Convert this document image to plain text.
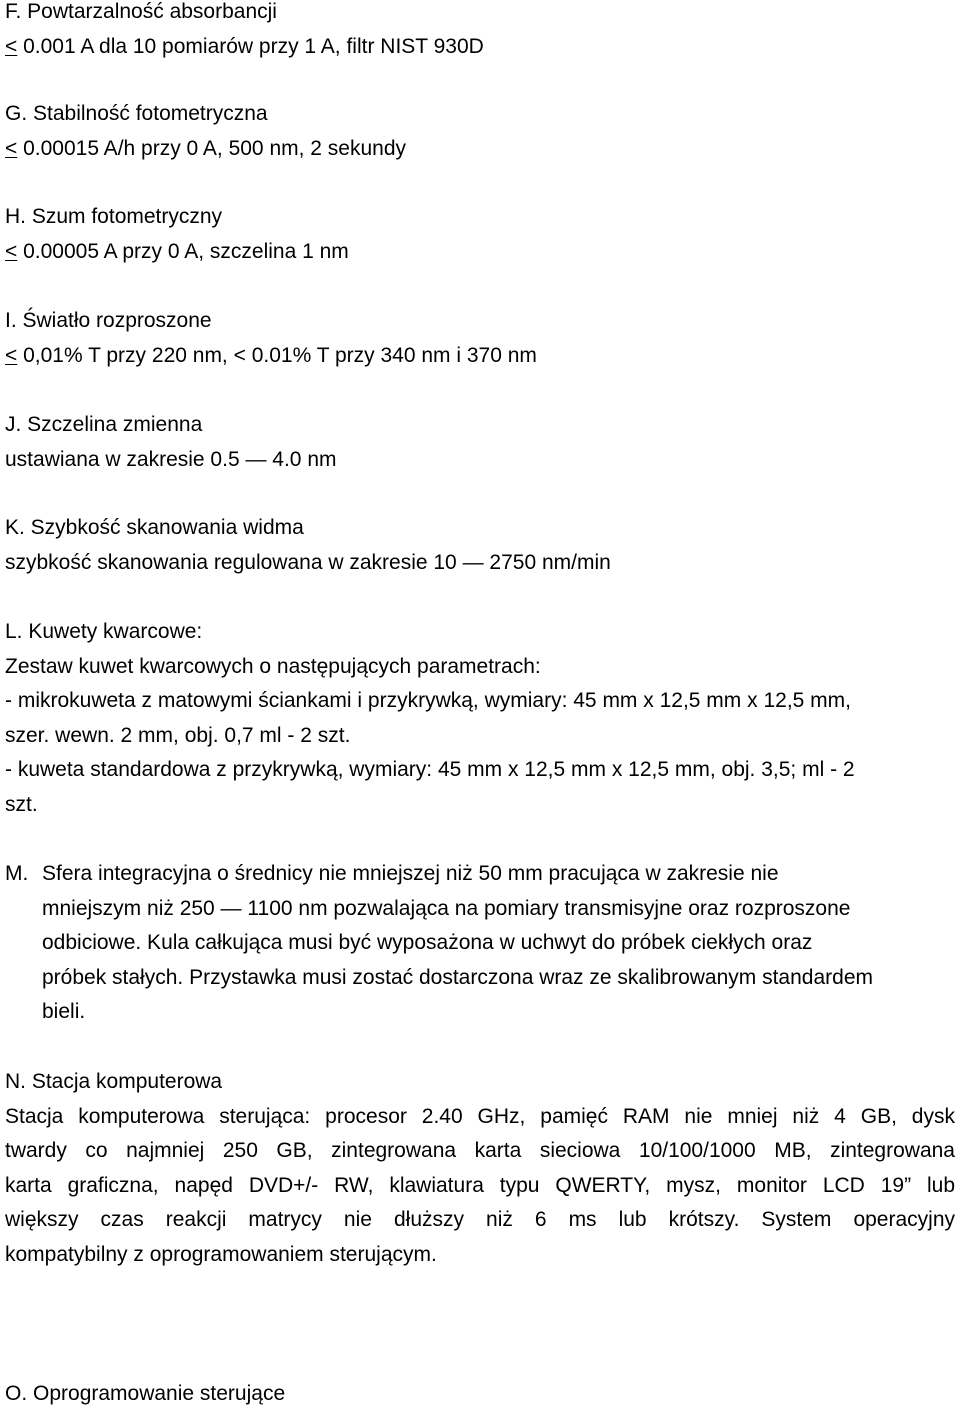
F. Powtarzalność absorbancji
≤ 0.001 A dla 10 pomiarów przy 1 A, filtr NIST 930D
G. Stabilność fotometryczna
≤ 0.00015 A/h przy 0 A, 500 nm, 2 sekundy
H. Szum fotometryczny
≤ 0.00005 A przy 0 A, szczelina 1 nm
I. Światło rozproszone
≤ 0,01% T przy 220 nm, < 0.01% T przy 340 nm i 370 nm
J. Szczelina zmienna
ustawiana w zakresie 0.5 — 4.0 nm
K. Szybkość skanowania widma
szybkość skanowania regulowana w zakresie 10 — 2750 nm/min
L. Kuwety kwarcowe:
Zestaw kuwet kwarcowych o następujących parametrach:
- mikrokuweta z matowymi ściankami i przykrywką, wymiary: 45 mm x 12,5 mm x 12,5 mm,
szer. wewn. 2 mm, obj. 0,7 ml - 2 szt.
- kuweta standardowa z przykrywką, wymiary: 45 mm x 12,5 mm x 12,5 mm, obj. 3,5; ml - 2
szt.
M. Sfera integracyjna o średnicy nie mniejszej niż 50 mm pracująca w zakresie nie
mniejszym niż 250 — 1100 nm pozwalająca na pomiary transmisyjne oraz rozproszone
odbiciowe. Kula całkująca musi być wyposażona w uchwyt do próbek ciekłych oraz
próbek stałych. Przystawka musi zostać dostarczona wraz ze skalibrowanym standardem
bieli.
N. Stacja komputerowa
Stacja komputerowa sterująca: procesor 2.40 GHz, pamięć RAM nie mniej niż 4 GB, dysk
twardy co najmniej 250 GB, zintegrowana karta sieciowa 10/100/1000 MB, zintegrowana
karta graficzna, napęd DVD+/- RW, klawiatura typu QWERTY, mysz, monitor LCD 19” lub
większy czas reakcji matrycy nie dłuższy niż 6 ms lub krótszy. System operacyjny
kompatybilny z oprogramowaniem sterującym.
O. Oprogramowanie sterujące
